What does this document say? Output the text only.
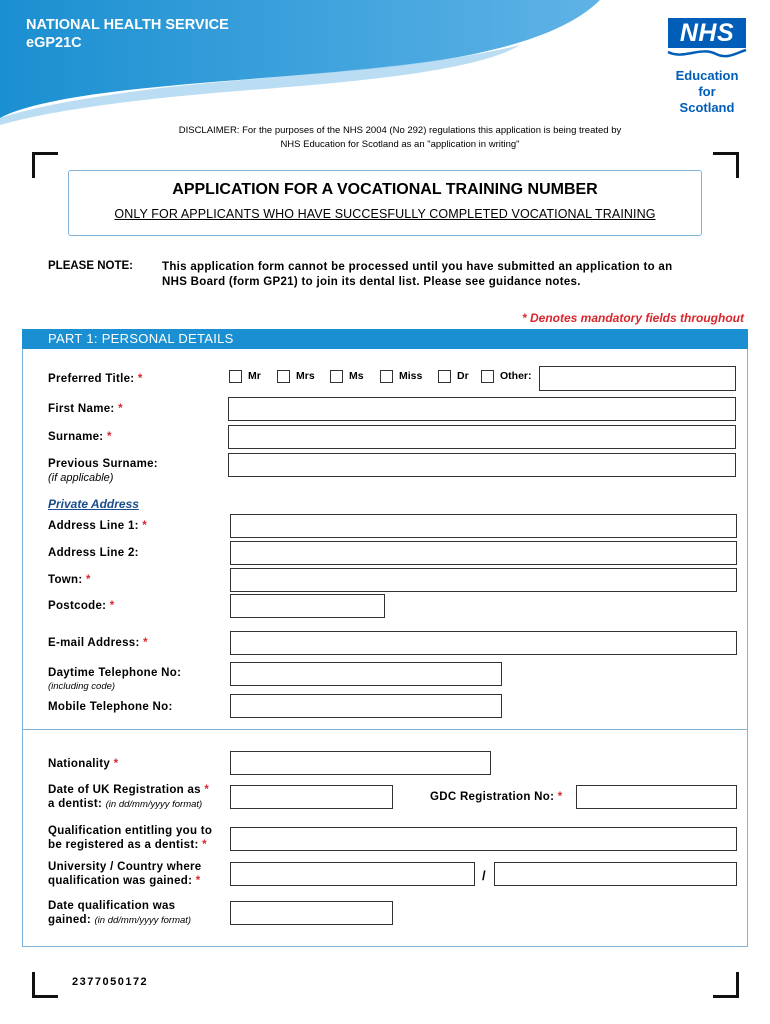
NATIONAL HEALTH SERVICE
eGP21C	NHS
Education
for
Scotland
DISCLAIMER: For the purposes of the NHS 2004 (No 292) regulations this application is being treated by
NHS Education for Scotland as an "application in writing"
APPLICATION FOR A VOCATIONAL TRAINING NUMBER
ONLY FOR APPLICANTS WHO HAVE SUCCESFULLY COMPLETED VOCATIONAL TRAINING
PLEASE NOTE:	This application form cannot be processed until you have submitted an application to an
NHS Board (form GP21) to join its dental list. Please see guidance notes.
* Denotes mandatory fields throughout
PART 1: PERSONAL DETAILS
Preferred Title: *	Mr	Mrs	Ms	Miss	Dr	Other:
First Name: *
Surname: *
Previous Surname:
(if applicable)
Private Address
Address Line 1: *
Address Line 2:
Town: *
Postcode: *
E-mail Address: *
Daytime Telephone No:
(including code)
Mobile Telephone No:
Nationality *
Date of UK Registration as *
a dentist: (in dd/mm/yyyy format)
GDC Registration No: *
Qualification entitling you to
be registered as a dentist: *
University / Country where
qualification was gained: *	/
Date qualification was
gained: (in dd/mm/yyyy format)
2377050172
